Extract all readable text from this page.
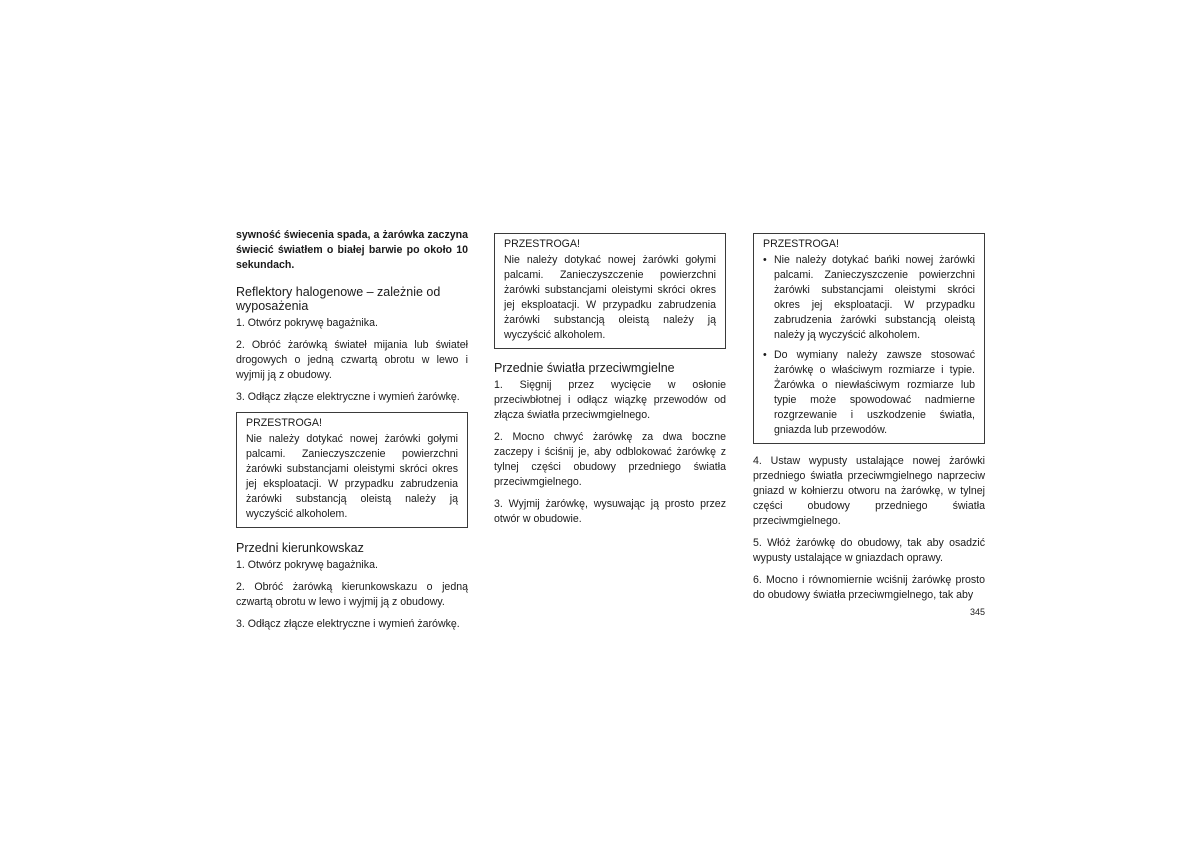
sywność świecenia spada, a żarówka zaczyna świecić światłem o białej barwie po około 10 sekundach.

Reflektory halogenowe – zależnie od wyposażenia

1. Otwórz pokrywę bagażnika.

2. Obróć żarówką świateł mijania lub świateł drogowych o jedną czwartą obrotu w lewo i wyjmij ją z obudowy.

3. Odłącz złącze elektryczne i wymień żarówkę.

PRZESTROGA!

Nie należy dotykać nowej żarówki gołymi palcami. Zanieczyszczenie powierzchni żarówki substancjami oleistymi skróci okres jej eksploatacji. W przypadku zabrudzenia żarówki substancją oleistą należy ją wyczyścić alkoholem.

Przedni kierunkowskaz

1. Otwórz pokrywę bagażnika.

2. Obróć żarówką kierunkowskazu o jedną czwartą obrotu w lewo i wyjmij ją z obudowy.

3. Odłącz złącze elektryczne i wymień żarówkę.

PRZESTROGA!

Nie należy dotykać nowej żarówki gołymi palcami. Zanieczyszczenie powierzchni żarówki substancjami oleistymi skróci okres jej eksploatacji. W przypadku zabrudzenia żarówki substancją oleistą należy ją wyczyścić alkoholem.

Przednie światła przeciwmgielne

1. Sięgnij przez wycięcie w osłonie przeciwbłotnej i odłącz wiązkę przewodów od złącza światła przeciwmgielnego.

2. Mocno chwyć żarówkę za dwa boczne zaczepy i ściśnij je, aby odblokować żarówkę z tylnej części obudowy przedniego światła przeciwmgielnego.

3. Wyjmij żarówkę, wysuwając ją prosto przez otwór w obudowie.

PRZESTROGA!

• Nie należy dotykać bańki nowej żarówki palcami. Zanieczyszczenie powierzchni żarówki substancjami oleistymi skróci okres jej eksploatacji. W przypadku zabrudzenia żarówki substancją oleistą należy ją wyczyścić alkoholem.
• Do wymiany należy zawsze stosować żarówkę o właściwym rozmiarze i typie. Żarówka o niewłaściwym rozmiarze lub typie może spowodować nadmierne rozgrzewanie i uszkodzenie światła, gniazda lub przewodów.

4. Ustaw wypusty ustalające nowej żarówki przedniego światła przeciwmgielnego naprzeciw gniazd w kołnierzu otworu na żarówkę, w tylnej części obudowy przedniego światła przeciwmgielnego.

5. Włóż żarówkę do obudowy, tak aby osadzić wypusty ustalające w gniazdach oprawy.

6. Mocno i równomiernie wciśnij żarówkę prosto do obudowy światła przeciwmgielnego, tak aby

345
